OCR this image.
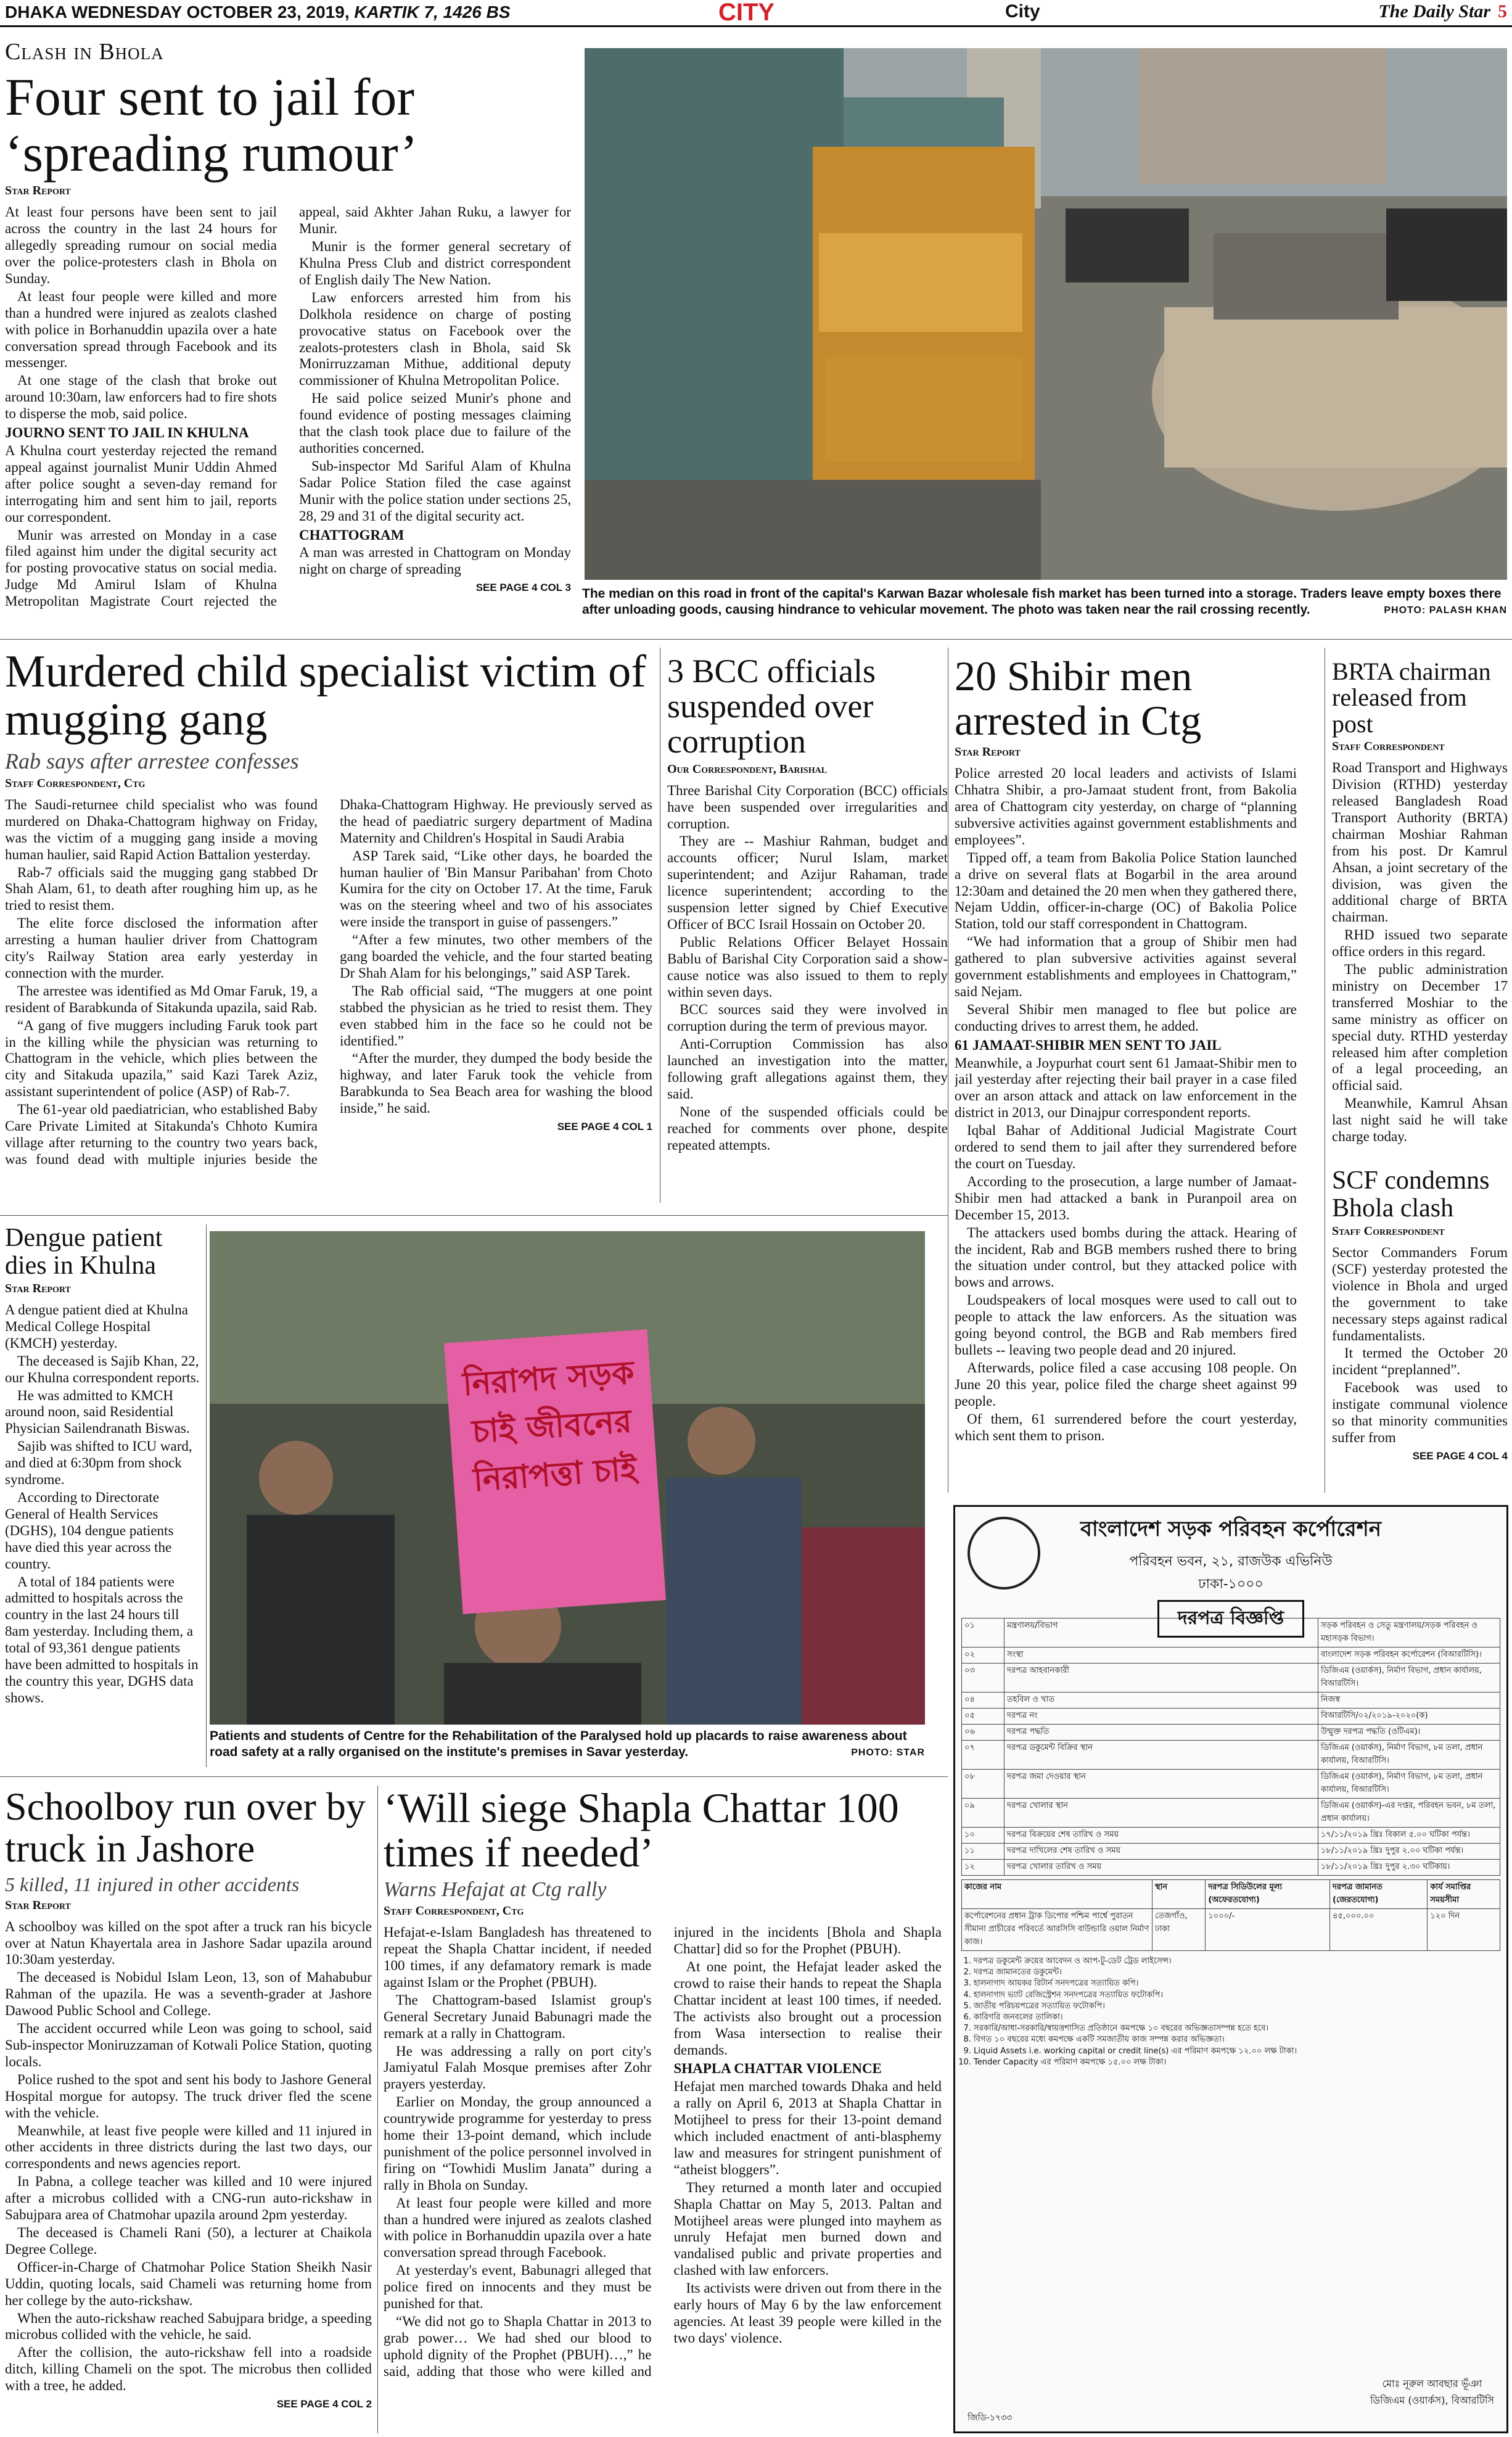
DHAKA WEDNESDAY OCTOBER 23, 2019, KARTIK 7, 1426 BS	CITY	City	The Daily Star 5
Clash in Bhola
Four sent to jail for ‘spreading rumour’
Star Report

At least four persons have been sent to jail across the country in the last 24 hours for allegedly spreading rumour on social media over the police-protesters clash in Bhola on Sunday.

At least four people were killed and more than a hundred were injured as zealots clashed with police in Borhanuddin upazila over a hate conversation spread through Facebook and its messenger.

At one stage of the clash that broke out around 10:30am, law enforcers had to fire shots to disperse the mob, said police.

JOURNO SENT TO JAIL IN KHULNA

A Khulna court yesterday rejected the remand appeal against journalist Munir Uddin Ahmed after police sought a seven-day remand for interrogating him and sent him to jail, reports our correspondent.

Munir was arrested on Monday in a case filed against him under the digital security act for posting provocative status on social media. Judge Md Amirul Islam of Khulna Metropolitan Magistrate Court rejected the appeal, said Akhter Jahan Ruku, a lawyer for Munir.

Munir is the former general secretary of Khulna Press Club and district correspondent of English daily The New Nation.

Law enforcers arrested him from his Dolkhola residence on charge of posting provocative status on Facebook over the zealots-protesters clash in Bhola, said Sk Monirruzzaman Mithue, additional deputy commissioner of Khulna Metropolitan Police.

He said police seized Munir's phone and found evidence of posting messages claiming that the clash took place due to failure of the authorities concerned.

Sub-inspector Md Sariful Alam of Khulna Sadar Police Station filed the case against Munir with the police station under sections 25, 28, 29 and 31 of the digital security act.

CHATTOGRAM

A man was arrested in Chattogram on Monday night on charge of spreading

SEE PAGE 4 COL 3 The median on this road in front of the capital's Karwan Bazar wholesale fish market has been turned into a storage. Traders leave empty boxes there after unloading goods, causing hindrance to vehicular movement. The photo was taken near the rail crossing recently.	PHOTO: PALASH KHAN
Murdered child specialist victim of mugging gang
Rab says after arrestee confesses
Staff Correspondent, Ctg

The Saudi-returnee child specialist who was found murdered on Dhaka-Chattogram highway on Friday, was the victim of a mugging gang inside a moving human haulier, said Rapid Action Battalion yesterday.

Rab-7 officials said the mugging gang stabbed Dr Shah Alam, 61, to death after roughing him up, as he tried to resist them.

The elite force disclosed the information after arresting a human haulier driver from Chattogram city's Railway Station area early yesterday in connection with the murder.

The arrestee was identified as Md Omar Faruk, 19, a resident of Barabkunda of Sitakunda upazila, said Rab.

“A gang of five muggers including Faruk took part in the killing while the physician was returning to Chattogram in the vehicle, which plies between the city and Sitakuda upazila,” said Kazi Tarek Aziz, assistant superintendent of police (ASP) of Rab-7.

The 61-year old paediatrician, who established Baby Care Private Limited at Sitakunda's Chhoto Kumira village after returning to the country two years back, was found dead with multiple injuries beside the Dhaka-Chattogram Highway. He previously served as the head of paediatric surgery department of Madina Maternity and Children's Hospital in Saudi Arabia

ASP Tarek said, “Like other days, he boarded the human haulier of 'Bin Mansur Paribahan' from Choto Kumira for the city on October 17. At the time, Faruk was on the steering wheel and two of his associates were inside the transport in guise of passengers.”

“After a few minutes, two other members of the gang boarded the vehicle, and the four started beating Dr Shah Alam for his belongings,” said ASP Tarek.

The Rab official said, “The muggers at one point stabbed the physician as he tried to resist them. They even stabbed him in the face so he could not be identified.”

“After the murder, they dumped the body beside the highway, and later Faruk took the vehicle from Barabkunda to Sea Beach area for washing the blood inside,” he said.

SEE PAGE 4 COL 1
3 BCC officials suspended over corruption
Our Correspondent, Barishal

Three Barishal City Corporation (BCC) officials have been suspended over irregularities and corruption.

They are -- Mashiur Rahman, budget and accounts officer; Nurul Islam, market superintendent; and Azijur Rahaman, trade licence superintendent; according to the suspension letter signed by Chief Executive Officer of BCC Israil Hossain on October 20.

Public Relations Officer Belayet Hossain Bablu of Barishal City Corporation said a show-cause notice was also issued to them to reply within seven days.

BCC sources said they were involved in corruption during the term of previous mayor.

Anti-Corruption Commission has also launched an investigation into the matter, following graft allegations against them, they said.

None of the suspended officials could be reached for comments over phone, despite repeated attempts.

20 Shibir men arrested in Ctg
Star Report

Police arrested 20 local leaders and activists of Islami Chhatra Shibir, a pro-Jamaat student front, from Bakolia area of Chattogram city yesterday, on charge of “planning subversive activities against government establishments and employees”.

Tipped off, a team from Bakolia Police Station launched a drive on several flats at Bogarbil in the area around 12:30am and detained the 20 men when they gathered there, Nejam Uddin, officer-in-charge (OC) of Bakolia Police Station, told our staff correspondent in Chattogram.

“We had information that a group of Shibir men had gathered to plan subversive activities against several government establishments and employees in Chattogram,” said Nejam.

Several Shibir men managed to flee but police are conducting drives to arrest them, he added.

61 JAMAAT-SHIBIR MEN SENT TO JAIL

Meanwhile, a Joypurhat court sent 61 Jamaat-Shibir men to jail yesterday after rejecting their bail prayer in a case filed over an arson attack and attack on law enforcement in the district in 2013, our Dinajpur correspondent reports.

Iqbal Bahar of Additional Judicial Magistrate Court ordered to send them to jail after they surrendered before the court on Tuesday.

According to the prosecution, a large number of Jamaat-Shibir men had attacked a bank in Puranpoil area on December 15, 2013.

The attackers used bombs during the attack. Hearing of the incident, Rab and BGB members rushed there to bring the situation under control, but they attacked police with bows and arrows.

Loudspeakers of local mosques were used to call out to people to attack the law enforcers. As the situation was going beyond control, the BGB and Rab members fired bullets -- leaving two people dead and 20 injured.

Afterwards, police filed a case accusing 108 people. On June 20 this year, police filed the charge sheet against 99 people.

Of them, 61 surrendered before the court yesterday, which sent them to prison.

BRTA chairman released from post
Staff Correspondent

Road Transport and Highways Division (RTHD) yesterday released Bangladesh Road Transport Authority (BRTA) chairman Moshiar Rahman from his post. Dr Kamrul Ahsan, a joint secretary of the division, was given the additional charge of BRTA chairman.

RHD issued two separate office orders in this regard.

The public administration ministry on December 17 transferred Moshiar to the same ministry as officer on special duty. RTHD yesterday released him after completion of a legal proceeding, an official said.

Meanwhile, Kamrul Ahsan last night said he will take charge today.

SCF condemns Bhola clash
Staff Correspondent

Sector Commanders Forum (SCF) yesterday protested the violence in Bhola and urged the government to take necessary steps against radical fundamentalists.

It termed the October 20 incident “preplanned”.

Facebook was used to instigate communal violence so that minority communities suffer from

SEE PAGE 4 COL 4
Dengue patient dies in Khulna
Star Report

A dengue patient died at Khulna Medical College Hospital (KMCH) yesterday.

The deceased is Sajib Khan, 22, our Khulna correspondent reports.

He was admitted to KMCH around noon, said Residential Physician Sailendranath Biswas.

Sajib was shifted to ICU ward, and died at 6:30pm from shock syndrome.

According to Directorate General of Health Services (DGHS), 104 dengue patients have died this year across the country.

A total of 184 patients were admitted to hospitals across the country in the last 24 hours till 8am yesterday. Including them, a total of 93,361 dengue patients have been admitted to hospitals in the country this year, DGHS data shows.

নিরাপদ সড়ক চাই জীবনের নিরাপত্তা চাই
Patients and students of Centre for the Rehabilitation of the Paralysed hold up placards to raise awareness about road safety at a rally organised on the institute's premises in Savar yesterday.	PHOTO: STAR
Schoolboy run over by truck in Jashore
5 killed, 11 injured in other accidents
Star Report

A schoolboy was killed on the spot after a truck ran his bicycle over at Natun Khayertala area in Jashore Sadar upazila around 10:30am yesterday.

The deceased is Nobidul Islam Leon, 13, son of Mahabubur Rahman of the upazila. He was a seventh-grader at Jashore Dawood Public School and College.

The accident occurred while Leon was going to school, said Sub-inspector Moniruzzaman of Kotwali Police Station, quoting locals.

Police rushed to the spot and sent his body to Jashore General Hospital morgue for autopsy. The truck driver fled the scene with the vehicle.

Meanwhile, at least five people were killed and 11 injured in other accidents in three districts during the last two days, our correspondents and news agencies report.

In Pabna, a college teacher was killed and 10 were injured after a microbus collided with a CNG-run auto-rickshaw in Sabujpara area of Chatmohar upazila around 2pm yesterday.

The deceased is Chameli Rani (50), a lecturer at Chaikola Degree College.

Officer-in-Charge of Chatmohar Police Station Sheikh Nasir Uddin, quoting locals, said Chameli was returning home from her college by the auto-rickshaw.

When the auto-rickshaw reached Sabujpara bridge, a speeding microbus collided with the vehicle, he said.

After the collision, the auto-rickshaw fell into a roadside ditch, killing Chameli on the spot. The microbus then collided with a tree, he added.

SEE PAGE 4 COL 2
‘Will siege Shapla Chattar 100 times if needed’
Warns Hefajat at Ctg rally
Staff Correspondent, Ctg

Hefajat-e-Islam Bangladesh has threatened to repeat the Shapla Chattar incident, if needed 100 times, if any defamatory remark is made against Islam or the Prophet (PBUH).

The Chattogram-based Islamist group's General Secretary Junaid Babunagri made the remark at a rally in Chattogram.

He was addressing a rally on port city's Jamiyatul Falah Mosque premises after Zohr prayers yesterday.

Earlier on Monday, the group announced a countrywide programme for yesterday to press home their 13-point demand, which include punishment of the police personnel involved in firing on “Towhidi Muslim Janata” during a rally in Bhola on Sunday.

At least four people were killed and more than a hundred were injured as zealots clashed with police in Borhanuddin upazila over a hate conversation spread through Facebook.

At yesterday's event, Babunagri alleged that police fired on innocents and they must be punished for that.

“We did not go to Shapla Chattar in 2013 to grab power… We had shed our blood to uphold dignity of the Prophet (PBUH)…,” he said, adding that those who were killed and injured in the incidents [Bhola and Shapla Chattar] did so for the Prophet (PBUH).

At one point, the Hefajat leader asked the crowd to raise their hands to repeat the Shapla Chattar incident at least 100 times, if needed. The activists also brought out a procession from Wasa intersection to realise their demands.

SHAPLA CHATTAR VIOLENCE

Hefajat men marched towards Dhaka and held a rally on April 6, 2013 at Shapla Chattar in Motijheel to press for their 13-point demand which included enactment of anti-blasphemy law and measures for stringent punishment of “atheist bloggers”.

They returned a month later and occupied Shapla Chattar on May 5, 2013. Paltan and Motijheel areas were plunged into mayhem as unruly Hefajat men burned down and vandalised public and private properties and clashed with law enforcers.

Its activists were driven out from there in the early hours of May 6 by the law enforcement agencies. At least 39 people were killed in the two days' violence.

বাংলাদেশ সড়ক পরিবহন কর্পোরেশন
পরিবহন ভবন, ২১, রাজউক এভিনিউ
ঢাকা-১০০০
দরপত্র বিজ্ঞপ্তি
০১	মন্ত্রণালয়/বিভাগ	সড়ক পরিবহন ও সেতু মন্ত্রণালয়/সড়ক পরিবহন ও মহাসড়ক বিভাগ।
০২	সংস্থা	বাংলাদেশ সড়ক পরিবহন কর্পোরেশন (বিআরটিসি)।
০৩	দরপত্র আহবানকারী	ডিজিএম (ওয়ার্কস), নির্মাণ বিভাগ, প্রধান কার্যালয়, বিআরটিসি।
০৪	তহবিল ও খাত	নিজস্ব
০৫	দরপত্র নং	বিআরটিসি/০২/২০১৯-২০২০(ক)
০৬	দরপত্র পদ্ধতি	উন্মুক্ত দরপত্র পদ্ধতি (ওটিএম)।
০৭	দরপত্র ডকুমেন্ট বিক্রির স্থান	ডিজিএম (ওয়ার্কস), নির্মাণ বিভাগ, ৮ম তলা, প্রধান কার্যালয়, বিআরটিসি।
০৮	দরপত্র জমা দেওয়ার স্থান	ডিজিএম (ওয়ার্কস), নির্মাণ বিভাগ, ৮ম তলা, প্রধান কার্যালয়, বিআরটিসি।
০৯	দরপত্র খোলার স্থান	ডিজিএম (ওয়ার্কস)-এর দপ্তর, পরিবহন ভবন, ৮ম তলা, প্রধান কার্যালয়।
১০	দরপত্র বিক্রয়ের শেষ তারিখ ও সময়	১৭/১১/২০১৯ খ্রিঃ বিকাল ৫.০০ ঘটিকা পর্যন্ত।
১১	দরপত্র দাখিলের শেষ তারিখ ও সময়	১৮/১১/২০১৯ খ্রিঃ দুপুর ২.০০ ঘটিকা পর্যন্ত।
১২	দরপত্র খোলার তারিখ ও সময়	১৮/১১/২০১৯ খ্রিঃ দুপুর ২.৩০ ঘটিকায়।
কাজের নাম	স্থান	দরপত্র সিডিউলের মূল্য (অফেরতযোগ্য)	দরপত্র জামানত (জেরতযোগ্য)	কার্য সমাপ্তির সময়সীমা
কর্পোরেশনের প্রধান ট্রাক ডিপোর পশ্চিম পার্শ্বে পুরাতন সীমানা প্রাচীরের পরিবর্তে আরসিসি বাউন্ডারি ওয়াল নির্মাণ কাজ।	তেজগাঁও, ঢাকা	১০০০/-	৪৫,০০০.০০	১২০ দিন
1. দরপত্র ডকুমেন্ট ক্রয়ের আবেদন ও আপ-টু-ডেট ট্রেড লাইসেন্স।
2. দরপত্র জামানতের ডকুমেন্ট।
3. হালনাগাদ আয়কর রিটার্ন সনদপত্রের সত্যায়িত কপি।
4. হালনাগাদ ভ্যাট রেজিস্ট্রেশন সনদপত্রের সত্যায়িত ফটোকপি।
5. জাতীয় পরিচয়পত্রের সত্যায়িত ফটোকপি।
6. কারিগরি জনবলের তালিকা।
7. সরকারি/আধা-সরকারি/স্বায়ত্তশাসিত প্রতিষ্ঠানে কমপক্ষে ১০ বছরের অভিজ্ঞতাসম্পন্ন হতে হবে।
8. বিগত ১০ বছরের মধ্যে কমপক্ষে একটি সমজাতীয় কাজ সম্পন্ন করার অভিজ্ঞতা।
9. Liquid Assets i.e. working capital or credit line(s) এর পরিমাণ কমপক্ষে ১২.০০ লক্ষ টাকা।
10. Tender Capacity এর পরিমাণ কমপক্ষে ১৫.০০ লক্ষ টাকা।
মোঃ নূরুল আবছার ভূঁঞা
ডিজিএম (ওয়ার্কস), বিআরটিসি
জিডি-১৭৩৩
